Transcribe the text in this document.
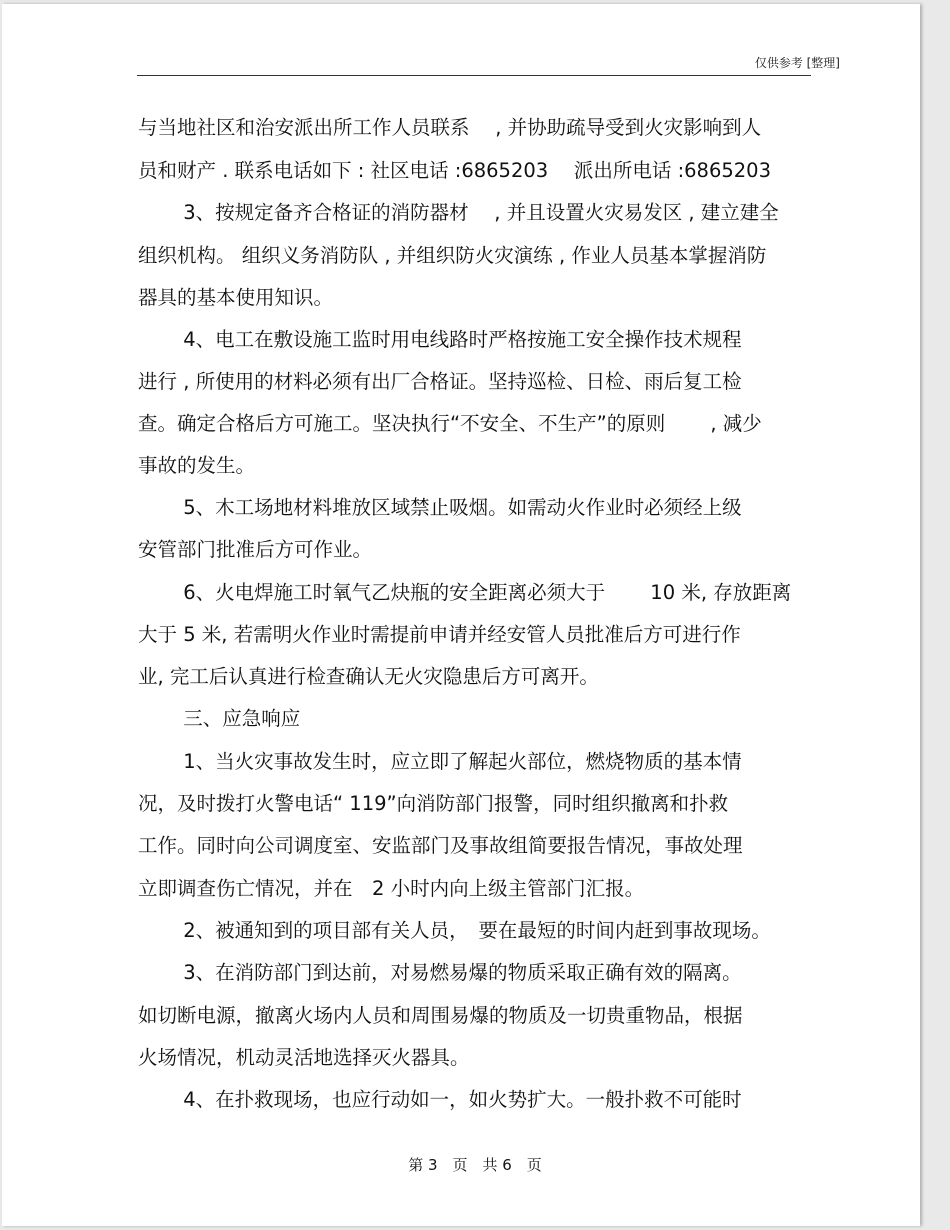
仅供参考 [整理]
与当地社区和治安派出所工作人员联系　 , 并协助疏导受到火灾影响到人
员和财产 . 联系电话如下 : 社区电话 :6865203　 派出所电话 :6865203
　 　3、按规定备齐合格证的消防器材　 , 并且设置火灾易发区 , 建立建全
组织机构。 组织义务消防队 , 并组织防火灾演练 , 作业人员基本掌握消防
器具的基本使用知识。
　 　4、电工在敷设施工监时用电线路时严格按施工安全操作技术规程
进行 , 所使用的材料必须有出厂合格证。坚持巡检、日检、雨后复工检
查。确定合格后方可施工。坚决执行“不安全、不生产”的原则　 　, 减少
事故的发生。
　 　5、木工场地材料堆放区域禁止吸烟。如需动火作业时必须经上级
安管部门批准后方可作业。
　 　6、火电焊施工时氧气乙炔瓶的安全距离必须大于　 　10 米, 存放距离
大于 5 米, 若需明火作业时需提前申请并经安管人员批准后方可进行作
业, 完工后认真进行检查确认无火灾隐患后方可离开。
　 　三、应急响应
　 　1、当火灾事故发生时，应立即了解起火部位，燃烧物质的基本情
况，及时拨打火警电话“ 119”向消防部门报警，同时组织撤离和扑救
工作。同时向公司调度室、安监部门及事故组简要报告情况，事故处理
立即调查伤亡情况，并在　2 小时内向上级主管部门汇报。
　 　2、被通知到的项目部有关人员，　要在最短的时间内赶到事故现场。
　 　3、在消防部门到达前，对易燃易爆的物质采取正确有效的隔离。
如切断电源，撤离火场内人员和周围易爆的物质及一切贵重物品，根据
火场情况，机动灵活地选择灭火器具。
　 　4、在扑救现场，也应行动如一，如火势扩大。一般扑救不可能时
第 3　页　共 6　页
